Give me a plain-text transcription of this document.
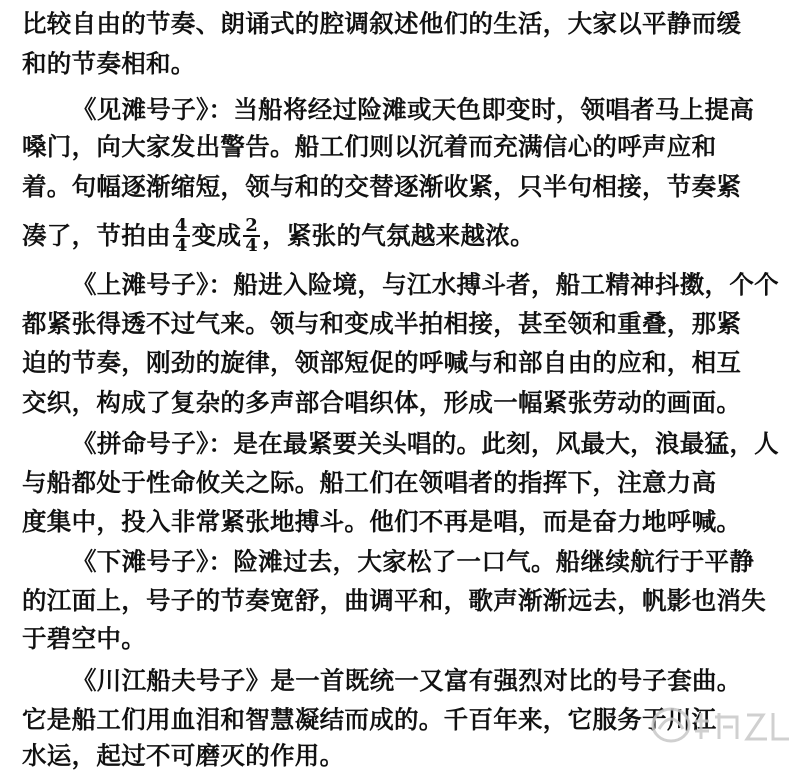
比较自由的节奏、朗诵式的腔调叙述他们的生活，大家以平静而缓
和的节奏相和。
《见滩号子》：当船将经过险滩或天色即变时，领唱者马上提高
嗓门，向大家发出警告。船工们则以沉着而充满信心的呼声应和
着。句幅逐渐缩短，领与和的交替逐渐收紧，只半句相接，节奏紧
凑了，节拍由 $\frac{4}{4}$ 变成 $\frac{2}{4}$ ，紧张的气氛越来越浓。
《上滩号子》：船进入险境，与江水搏斗者，船工精神抖擞，个个
都紧张得透不过气来。领与和变成半拍相接，甚至领和重叠，那紧
迫的节奏，刚劲的旋律，领部短促的呼喊与和部自由的应和，相互
交织，构成了复杂的多声部合唱织体，形成一幅紧张劳动的画面。
《拼命号子》：是在最紧要关头唱的。此刻，风最大，浪最猛，人
与船都处于性命攸关之际。船工们在领唱者的指挥下，注意力高
度集中，投入非常紧张地搏斗。他们不再是唱，而是奋力地呼喊。
《下滩号子》：险滩过去，大家松了一口气。船继续航行于平静
的江面上，号子的节奏宽舒，曲调平和，歌声渐渐远去，帆影也消失
于碧空中。
《川江船夫号子》是一首既统一又富有强烈对比的号子套曲。
它是船工们用血泪和智慧凝结而成的。千百年来，它服务于川江
水运，起过不可磨灭的作用。
